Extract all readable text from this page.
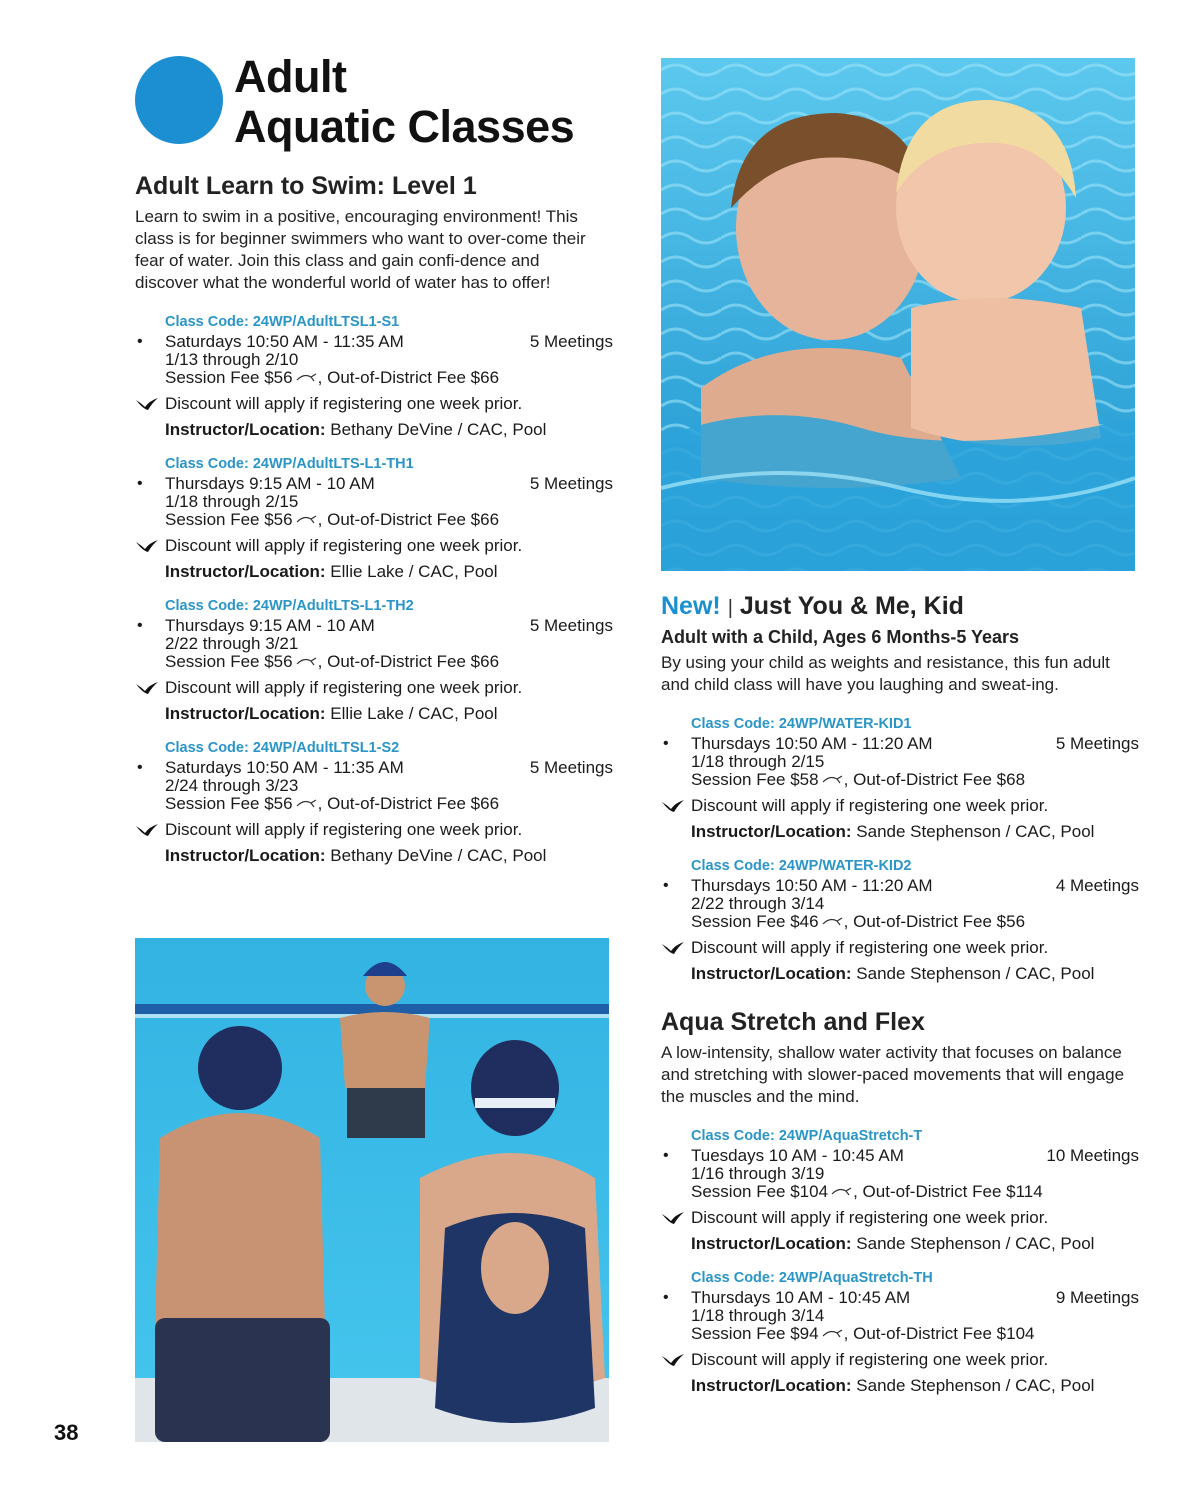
Adult
Aquatic Classes
Adult Learn to Swim: Level 1
Learn to swim in a positive, encouraging environment! This class is for beginner swimmers who want to over-come their fear of water. Join this class and gain confi-dence and discover what the wonderful world of water has to offer!
Class Code: 24WP/AdultLTSL1-S1
• Saturdays 10:50 AM - 11:35 AM	5 Meetings
1/13 through 2/10
Session Fee $56 , Out-of-District Fee $66
Discount will apply if registering one week prior.
Instructor/Location: Bethany DeVine / CAC, Pool
Class Code: 24WP/AdultLTS-L1-TH1
• Thursdays 9:15 AM - 10 AM	5 Meetings
1/18 through 2/15
Session Fee $56 , Out-of-District Fee $66
Discount will apply if registering one week prior.
Instructor/Location: Ellie Lake / CAC, Pool
Class Code: 24WP/AdultLTS-L1-TH2
• Thursdays 9:15 AM - 10 AM	5 Meetings
2/22 through 3/21
Session Fee $56 , Out-of-District Fee $66
Discount will apply if registering one week prior.
Instructor/Location: Ellie Lake / CAC, Pool
Class Code: 24WP/AdultLTSL1-S2
• Saturdays 10:50 AM - 11:35 AM	5 Meetings
2/24 through 3/23
Session Fee $56 , Out-of-District Fee $66
Discount will apply if registering one week prior.
Instructor/Location: Bethany DeVine / CAC, Pool
New! | Just You & Me, Kid
Adult with a Child, Ages 6 Months-5 Years
By using your child as weights and resistance, this fun adult and child class will have you laughing and sweat-ing.
Class Code: 24WP/WATER-KID1
• Thursdays 10:50 AM - 11:20 AM	5 Meetings
1/18 through 2/15
Session Fee $58 , Out-of-District Fee $68
Discount will apply if registering one week prior.
Instructor/Location: Sande Stephenson / CAC, Pool
Class Code: 24WP/WATER-KID2
• Thursdays 10:50 AM - 11:20 AM	4 Meetings
2/22 through 3/14
Session Fee $46 , Out-of-District Fee $56
Discount will apply if registering one week prior.
Instructor/Location: Sande Stephenson / CAC, Pool
Aqua Stretch and Flex
A low-intensity, shallow water activity that focuses on balance and stretching with slower-paced movements that will engage the muscles and the mind.
Class Code: 24WP/AquaStretch-T
• Tuesdays 10 AM - 10:45 AM	10 Meetings
1/16 through 3/19
Session Fee $104 , Out-of-District Fee $114
Discount will apply if registering one week prior.
Instructor/Location: Sande Stephenson / CAC, Pool
Class Code: 24WP/AquaStretch-TH
• Thursdays 10 AM - 10:45 AM	9 Meetings
1/18 through 3/14
Session Fee $94 , Out-of-District Fee $104
Discount will apply if registering one week prior.
Instructor/Location: Sande Stephenson / CAC, Pool
38
